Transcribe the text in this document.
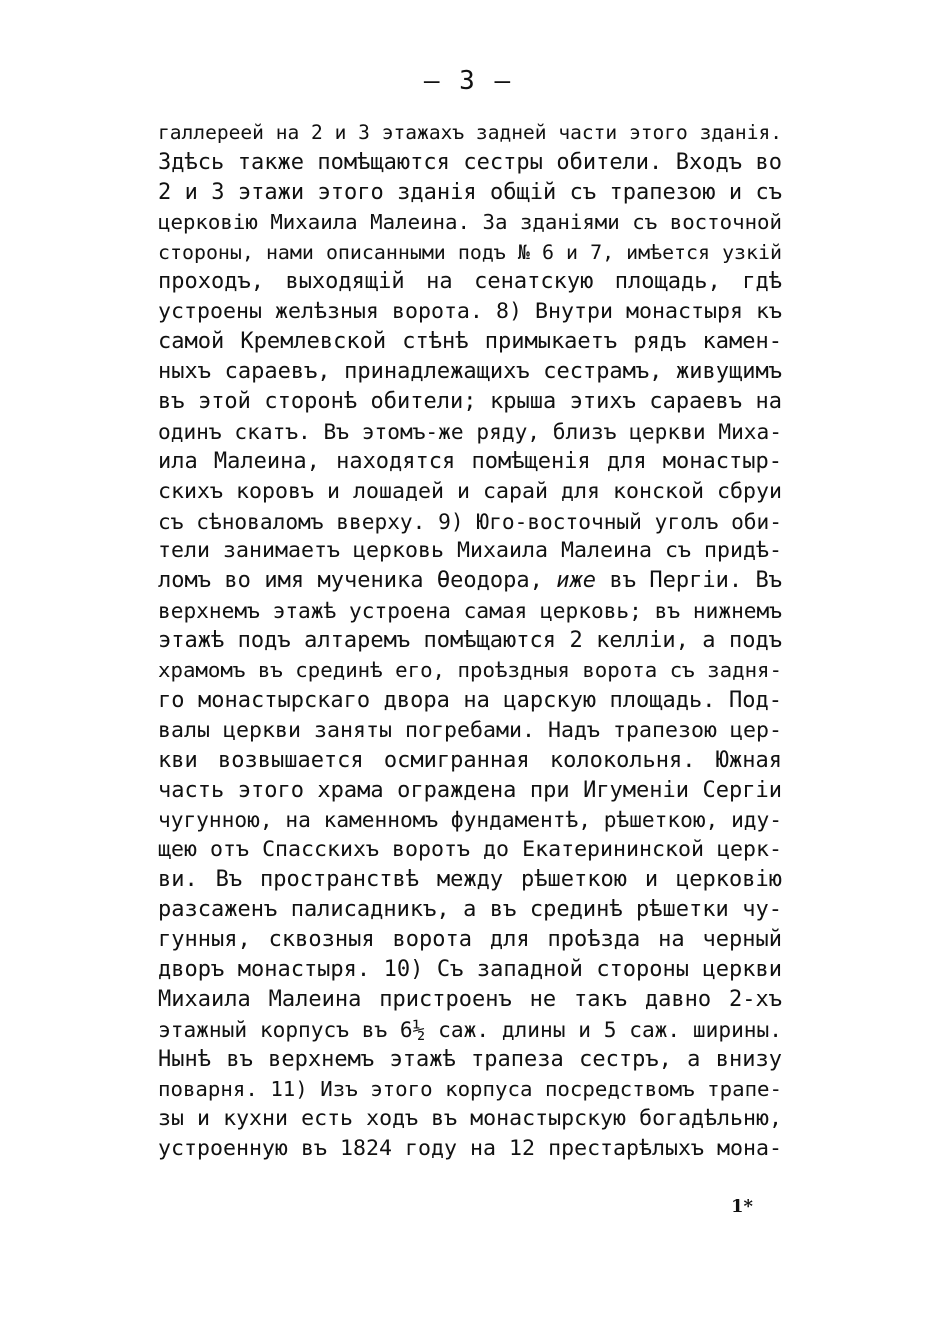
— 3 —
галлереей на 2 и 3 этажахъ задней части этого зданія.
Здѣсь также помѣщаются сестры обители. Входъ во
2 и 3 этажи этого зданія общій съ трапезою и съ
церковію Михаила Малеина. За зданіями съ восточной
стороны, нами описанными подъ № 6 и 7, имѣется узкій
проходъ, выходящій на сенатскую площадь, гдѣ
устроены желѣзныя ворота. 8) Внутри монастыря къ
самой Кремлевской стѣнѣ примыкаетъ рядъ камен-
ныхъ сараевъ, принадлежащихъ сестрамъ, живущимъ
въ этой сторонѣ обители; крыша этихъ сараевъ на
одинъ скатъ. Въ этомъ-же ряду, близъ церкви Миха-
ила Малеина, находятся помѣщенія для монастыр-
скихъ коровъ и лошадей и сарай для конской сбруи
съ сѣноваломъ вверху. 9) Юго-восточный уголъ оби-
тели занимаетъ церковь Михаила Малеина съ придѣ-
ломъ во имя мученика Ѳеодора, иже въ Пергіи. Въ
верхнемъ этажѣ устроена самая церковь; въ нижнемъ
этажѣ подъ алтаремъ помѣщаются 2 келліи, а подъ
храмомъ въ срединѣ его, проѣздныя ворота съ задня-
го монастырскаго двора на царскую площадь. Под-
валы церкви заняты погребами. Надъ трапезою цер-
кви возвышается осмигранная колокольня. Южная
часть этого храма ограждена при Игуменіи Сергіи
чугунною, на каменномъ фундаментѣ, рѣшеткою, иду-
щею отъ Спасскихъ воротъ до Екатерининской церк-
ви. Въ пространствѣ между рѣшеткою и церковію
разсаженъ палисадникъ, а въ срединѣ рѣшетки чу-
гунныя, сквозныя ворота для проѣзда на черный
дворъ монастыря. 10) Съ западной стороны церкви
Михаила Малеина пристроенъ не такъ давно 2-хъ
этажный корпусъ въ 6½ саж. длины и 5 саж. ширины.
Нынѣ въ верхнемъ этажѣ трапеза сестръ, а внизу
поварня. 11) Изъ этого корпуса посредствомъ трапе-
зы и кухни есть ходъ въ монастырскую богадѣльню,
устроенную въ 1824 году на 12 престарѣлыхъ мона-
1*
